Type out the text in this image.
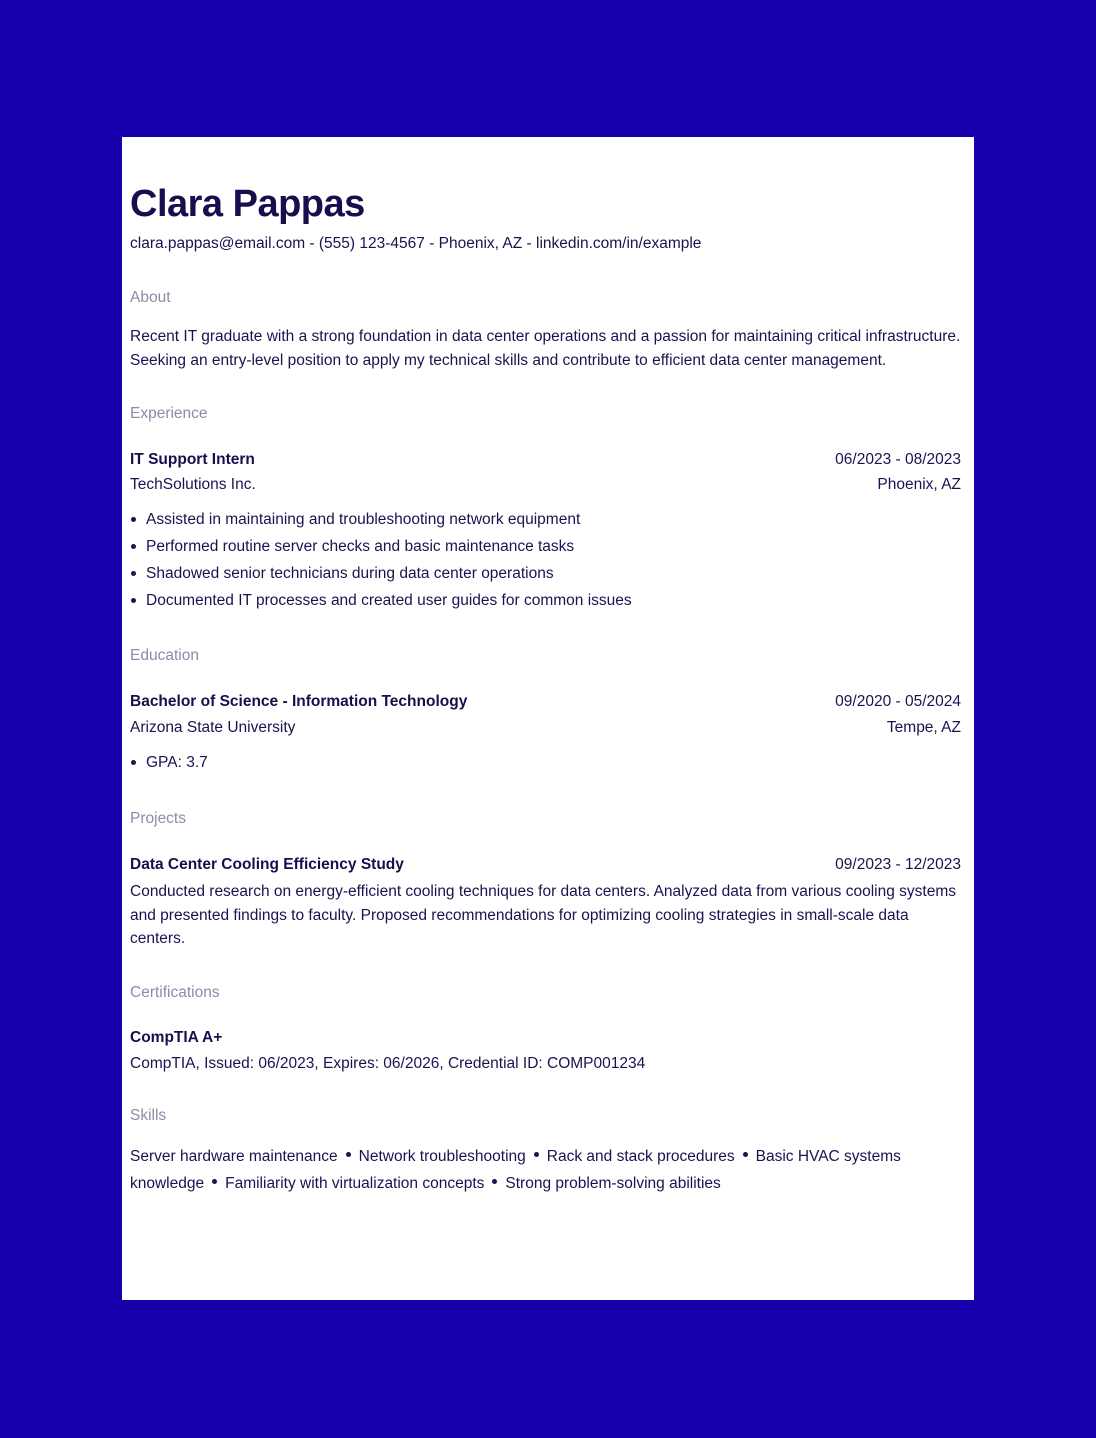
Clara Pappas
clara.pappas@email.com - (555) 123-4567 - Phoenix, AZ - linkedin.com/in/example
About
Recent IT graduate with a strong foundation in data center operations and a passion for maintaining critical infrastructure. Seeking an entry-level position to apply my technical skills and contribute to efficient data center management.
Experience
IT Support Intern	06/2023 - 08/2023
TechSolutions Inc.	Phoenix, AZ
Assisted in maintaining and troubleshooting network equipment
Performed routine server checks and basic maintenance tasks
Shadowed senior technicians during data center operations
Documented IT processes and created user guides for common issues
Education
Bachelor of Science - Information Technology	09/2020 - 05/2024
Arizona State University	Tempe, AZ
GPA: 3.7
Projects
Data Center Cooling Efficiency Study	09/2023 - 12/2023
Conducted research on energy-efficient cooling techniques for data centers. Analyzed data from various cooling systems and presented findings to faculty. Proposed recommendations for optimizing cooling strategies in small-scale data centers.
Certifications
CompTIA A+
CompTIA, Issued: 06/2023, Expires: 06/2026, Credential ID: COMP001234
Skills
Server hardware maintenance Network troubleshooting Rack and stack procedures Basic HVAC systems knowledge Familiarity with virtualization concepts Strong problem-solving abilities
